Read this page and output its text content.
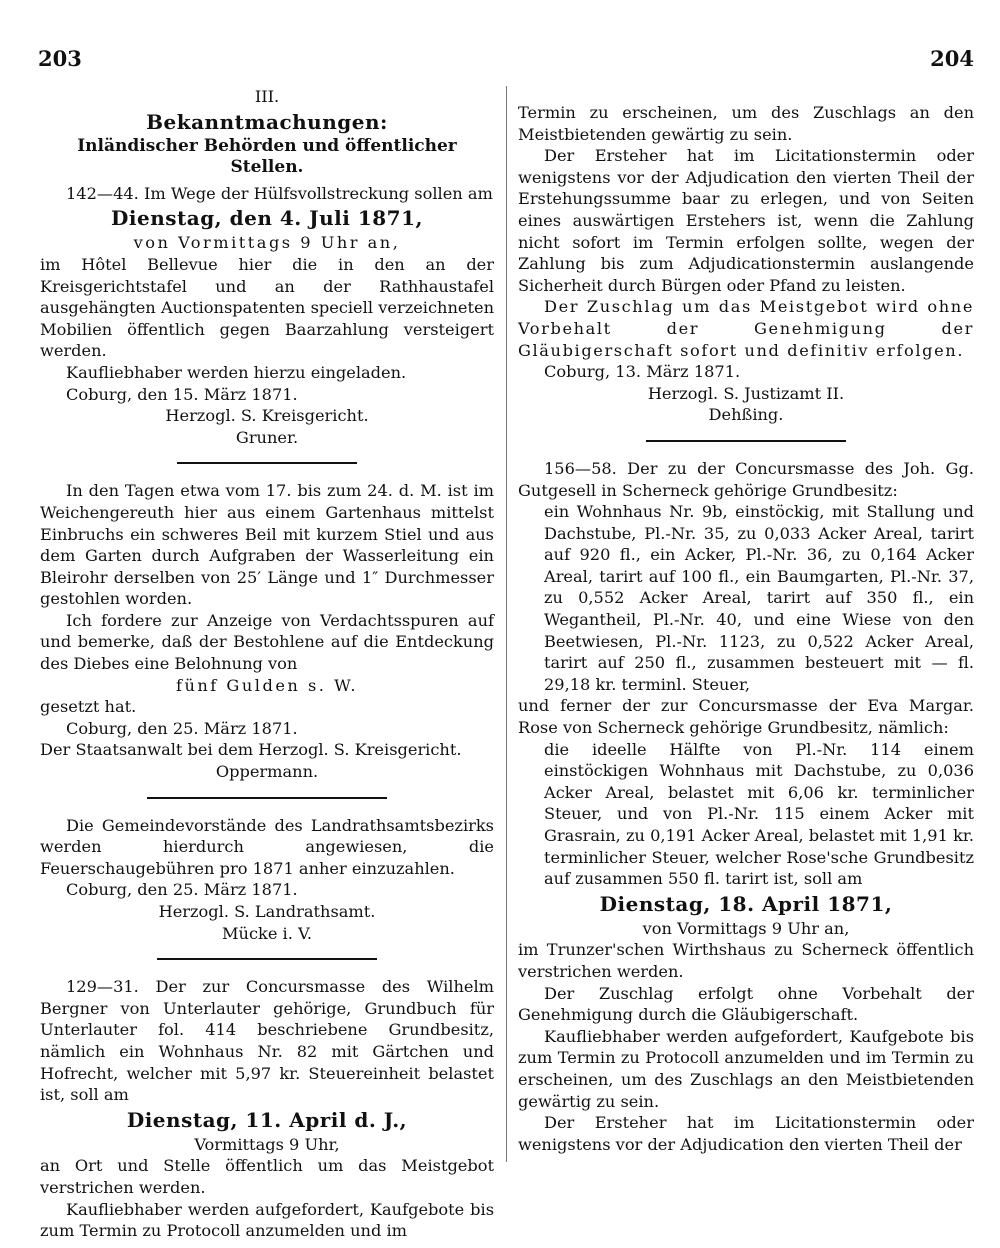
203	204

III.

Bekanntmachungen:

Inländischer Behörden und öffentlicher Stellen.

142—44. Im Wege der Hülfsvollstreckung sollen am

Dienstag, den 4. Juli 1871,

von Vormittags 9 Uhr an,

im Hôtel Bellevue hier die in den an der Kreisgerichtstafel und an der Rathhaustafel ausgehängten Auctionspatenten speciell verzeichneten Mobilien öffentlich gegen Baarzahlung versteigert werden.

Kaufliebhaber werden hierzu eingeladen.

Coburg, den 15. März 1871.

Herzogl. S. Kreisgericht.

Gruner.

In den Tagen etwa vom 17. bis zum 24. d. M. ist im Weichengereuth hier aus einem Gartenhaus mittelst Einbruchs ein schweres Beil mit kurzem Stiel und aus dem Garten durch Aufgraben der Wasserleitung ein Bleirohr derselben von 25′ Länge und 1″ Durchmesser gestohlen worden.

Ich fordere zur Anzeige von Verdachtsspuren auf und bemerke, daß der Bestohlene auf die Entdeckung des Diebes eine Belohnung von

fünf Gulden s. W.

gesetzt hat.

Coburg, den 25. März 1871.

Der Staatsanwalt bei dem Herzogl. S. Kreisgericht.

Oppermann.

Die Gemeindevorstände des Landrathsamtsbezirks werden hierdurch angewiesen, die Feuerschaugebühren pro 1871 anher einzuzahlen.

Coburg, den 25. März 1871.

Herzogl. S. Landrathsamt.

Mücke i. V.

129—31. Der zur Concursmasse des Wilhelm Bergner von Unterlauter gehörige, Grundbuch für Unterlauter fol. 414 beschriebene Grundbesitz, nämlich ein Wohnhaus Nr. 82 mit Gärtchen und Hofrecht, welcher mit 5,97 kr. Steuereinheit belastet ist, soll am

Dienstag, 11. April d. J.,

Vormittags 9 Uhr,

an Ort und Stelle öffentlich um das Meistgebot verstrichen werden.

Kaufliebhaber werden aufgefordert, Kaufgebote bis zum Termin zu Protocoll anzumelden und im

Termin zu erscheinen, um des Zuschlags an den Meistbietenden gewärtig zu sein.

Der Ersteher hat im Licitationstermin oder wenigstens vor der Adjudication den vierten Theil der Erstehungssumme baar zu erlegen, und von Seiten eines auswärtigen Erstehers ist, wenn die Zahlung nicht sofort im Termin erfolgen sollte, wegen der Zahlung bis zum Adjudicationstermin auslangende Sicherheit durch Bürgen oder Pfand zu leisten.

Der Zuschlag um das Meistgebot wird ohne Vorbehalt der Genehmigung der Gläubigerschaft sofort und definitiv erfolgen.

Coburg, 13. März 1871.

Herzogl. S. Justizamt II.

Dehßing.

156—58. Der zu der Concursmasse des Joh. Gg. Gutgesell in Scherneck gehörige Grundbesitz:

ein Wohnhaus Nr. 9b, einstöckig, mit Stallung und Dachstube, Pl.-Nr. 35, zu 0,033 Acker Areal, tarirt auf 920 fl., ein Acker, Pl.-Nr. 36, zu 0,164 Acker Areal, tarirt auf 100 fl., ein Baumgarten, Pl.-Nr. 37, zu 0,552 Acker Areal, tarirt auf 350 fl., ein Wegantheil, Pl.-Nr. 40, und eine Wiese von den Beetwiesen, Pl.-Nr. 1123, zu 0,522 Acker Areal, tarirt auf 250 fl., zusammen besteuert mit — fl. 29,18 kr. terminl. Steuer,

und ferner der zur Concursmasse der Eva Margar. Rose von Scherneck gehörige Grundbesitz, nämlich:

die ideelle Hälfte von Pl.-Nr. 114 einem einstöckigen Wohnhaus mit Dachstube, zu 0,036 Acker Areal, belastet mit 6,06 kr. terminlicher Steuer, und von Pl.-Nr. 115 einem Acker mit Grasrain, zu 0,191 Acker Areal, belastet mit 1,91 kr. terminlicher Steuer, welcher Rose'sche Grundbesitz auf zusammen 550 fl. tarirt ist, soll am

Dienstag, 18. April 1871,

von Vormittags 9 Uhr an,

im Trunzer'schen Wirthshaus zu Scherneck öffentlich verstrichen werden.

Der Zuschlag erfolgt ohne Vorbehalt der Genehmigung durch die Gläubigerschaft.

Kaufliebhaber werden aufgefordert, Kaufgebote bis zum Termin zu Protocoll anzumelden und im Termin zu erscheinen, um des Zuschlags an den Meistbietenden gewärtig zu sein.

Der Ersteher hat im Licitationstermin oder wenigstens vor der Adjudication den vierten Theil der
